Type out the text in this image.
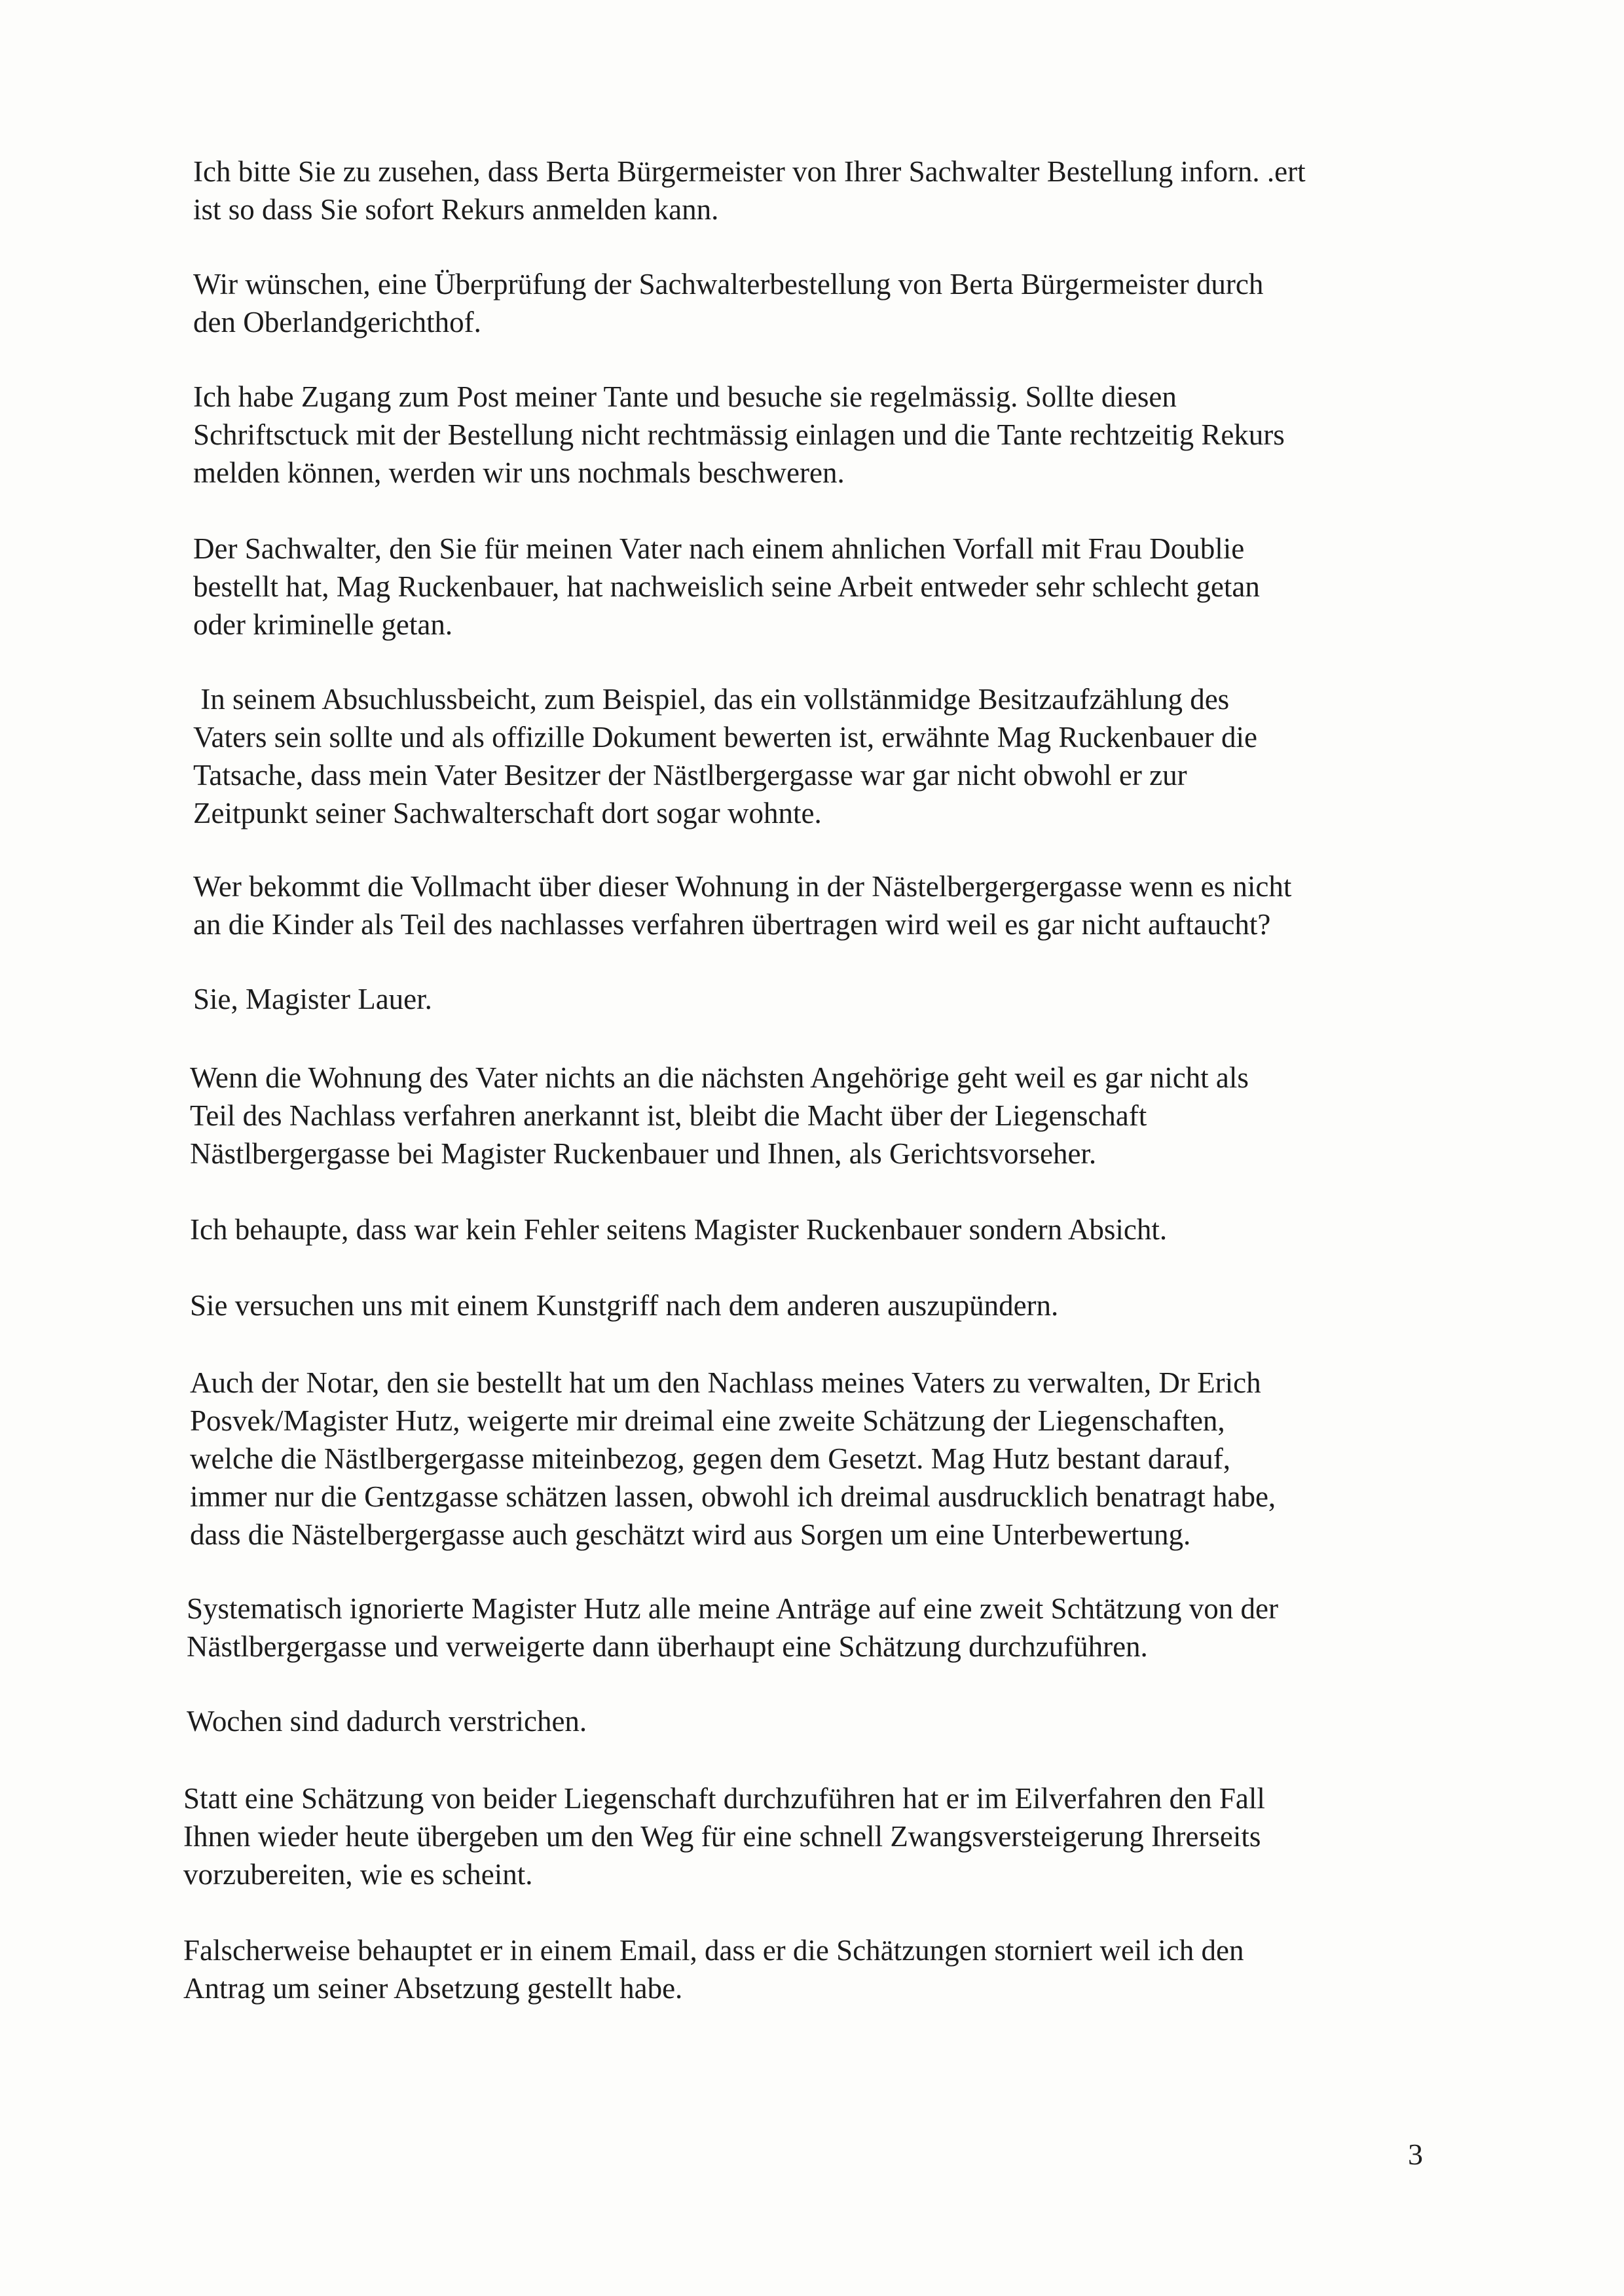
Ich bitte Sie zu zusehen, dass Berta Bürgermeister von Ihrer Sachwalter Bestellung inforn. .ert
ist so dass Sie sofort Rekurs anmelden kann.

Wir wünschen, eine Überprüfung der Sachwalterbestellung von Berta Bürgermeister durch
den Oberlandgerichthof.

Ich habe Zugang zum Post meiner Tante und besuche sie regelmässig. Sollte diesen
Schriftsctuck mit der Bestellung nicht rechtmässig einlagen und die Tante rechtzeitig Rekurs
melden können, werden wir uns nochmals beschweren.

Der Sachwalter, den Sie für meinen Vater nach einem ahnlichen Vorfall mit Frau Doublie
bestellt hat, Mag Ruckenbauer, hat nachweislich seine Arbeit entweder sehr schlecht getan
oder kriminelle getan.

In seinem Absuchlussbeicht, zum Beispiel, das ein vollstänmidge Besitzaufzählung des
Vaters sein sollte und als offizille Dokument bewerten ist, erwähnte Mag Ruckenbauer die
Tatsache, dass mein Vater Besitzer der Nästlbergergasse war gar nicht obwohl er zur
Zeitpunkt seiner Sachwalterschaft dort sogar wohnte.

Wer bekommt die Vollmacht über dieser Wohnung in der Nästelbergergergasse wenn es nicht
an die Kinder als Teil des nachlasses verfahren übertragen wird weil es gar nicht auftaucht?

Sie, Magister Lauer.

Wenn die Wohnung des Vater nichts an die nächsten Angehörige geht weil es gar nicht als
Teil des Nachlass verfahren anerkannt ist, bleibt die Macht über der Liegenschaft
Nästlbergergasse bei Magister Ruckenbauer und Ihnen, als Gerichtsvorseher.

Ich behaupte, dass war kein Fehler seitens Magister Ruckenbauer sondern Absicht.

Sie versuchen uns mit einem Kunstgriff nach dem anderen auszupündern.

Auch der Notar, den sie bestellt hat um den Nachlass meines Vaters zu verwalten, Dr Erich
Posvek/Magister Hutz, weigerte mir dreimal eine zweite Schätzung der Liegenschaften,
welche die Nästlbergergasse miteinbezog, gegen dem Gesetzt. Mag Hutz bestant darauf,
immer nur die Gentzgasse schätzen lassen, obwohl ich dreimal ausdrucklich benatragt habe,
dass die Nästelbergergasse auch geschätzt wird aus Sorgen um eine Unterbewertung.

Systematisch ignorierte Magister Hutz alle meine Anträge auf eine zweit Schtätzung von der
Nästlbergergasse und verweigerte dann überhaupt eine Schätzung durchzuführen.

Wochen sind dadurch verstrichen.

Statt eine Schätzung von beider Liegenschaft durchzuführen hat er im Eilverfahren den Fall
Ihnen wieder heute übergeben um den Weg für eine schnell Zwangsversteigerung Ihrerseits
vorzubereiten, wie es scheint.

Falscherweise behauptet er in einem Email, dass er die Schätzungen storniert weil ich den
Antrag um seiner Absetzung gestellt habe.

3
